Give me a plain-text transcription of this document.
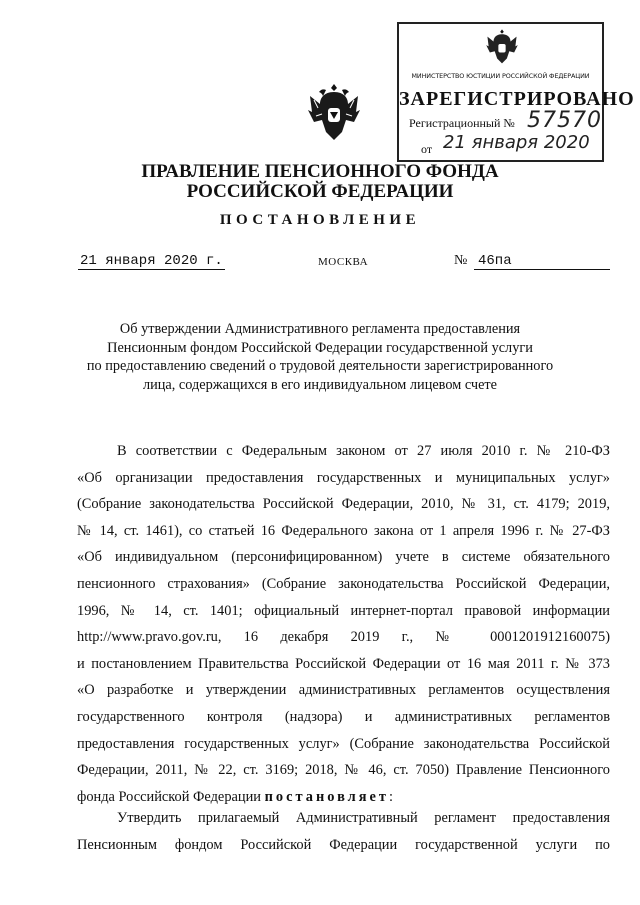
МИНИСТЕРСТВО ЮСТИЦИИ РОССИЙСКОЙ ФЕДЕРАЦИИ
ЗАРЕГИСТРИРОВАНО
Регистрационный № 57570
от 21 января 2020
ПРАВЛЕНИЕ ПЕНСИОННОГО ФОНДА
РОССИЙСКОЙ ФЕДЕРАЦИИ
ПОСТАНОВЛЕНИЕ
21 января 2020 г.	МОСКВА	№ 46па
Об утверждении Административного регламента предоставления
Пенсионным фондом Российской Федерации государственной услуги
по предоставлению сведений о трудовой деятельности зарегистрированного
лица, содержащихся в его индивидуальном лицевом счете
В соответствии с Федеральным законом от 27 июля 2010 г. № 210-ФЗ
«Об организации предоставления государственных и муниципальных услуг»
(Собрание законодательства Российской Федерации, 2010, № 31, ст. 4179; 2019,
№ 14, ст. 1461), со статьей 16 Федерального закона от 1 апреля 1996 г. № 27-ФЗ
«Об индивидуальном (персонифицированном) учете в системе обязательного
пенсионного страхования» (Собрание законодательства Российской Федерации,
1996, № 14, ст. 1401; официальный интернет-портал правовой информации
http://www.pravo.gov.ru, 16 декабря 2019 г., № 0001201912160075)
и постановлением Правительства Российской Федерации от 16 мая 2011 г. № 373
«О разработке и утверждении административных регламентов осуществления
государственного контроля (надзора) и административных регламентов
предоставления государственных услуг» (Собрание законодательства Российской
Федерации, 2011, № 22, ст. 3169; 2018, № 46, ст. 7050) Правление Пенсионного
фонда Российской Федерации постановляет:
Утвердить прилагаемый Административный регламент предоставления
Пенсионным фондом Российской Федерации государственной услуги по
